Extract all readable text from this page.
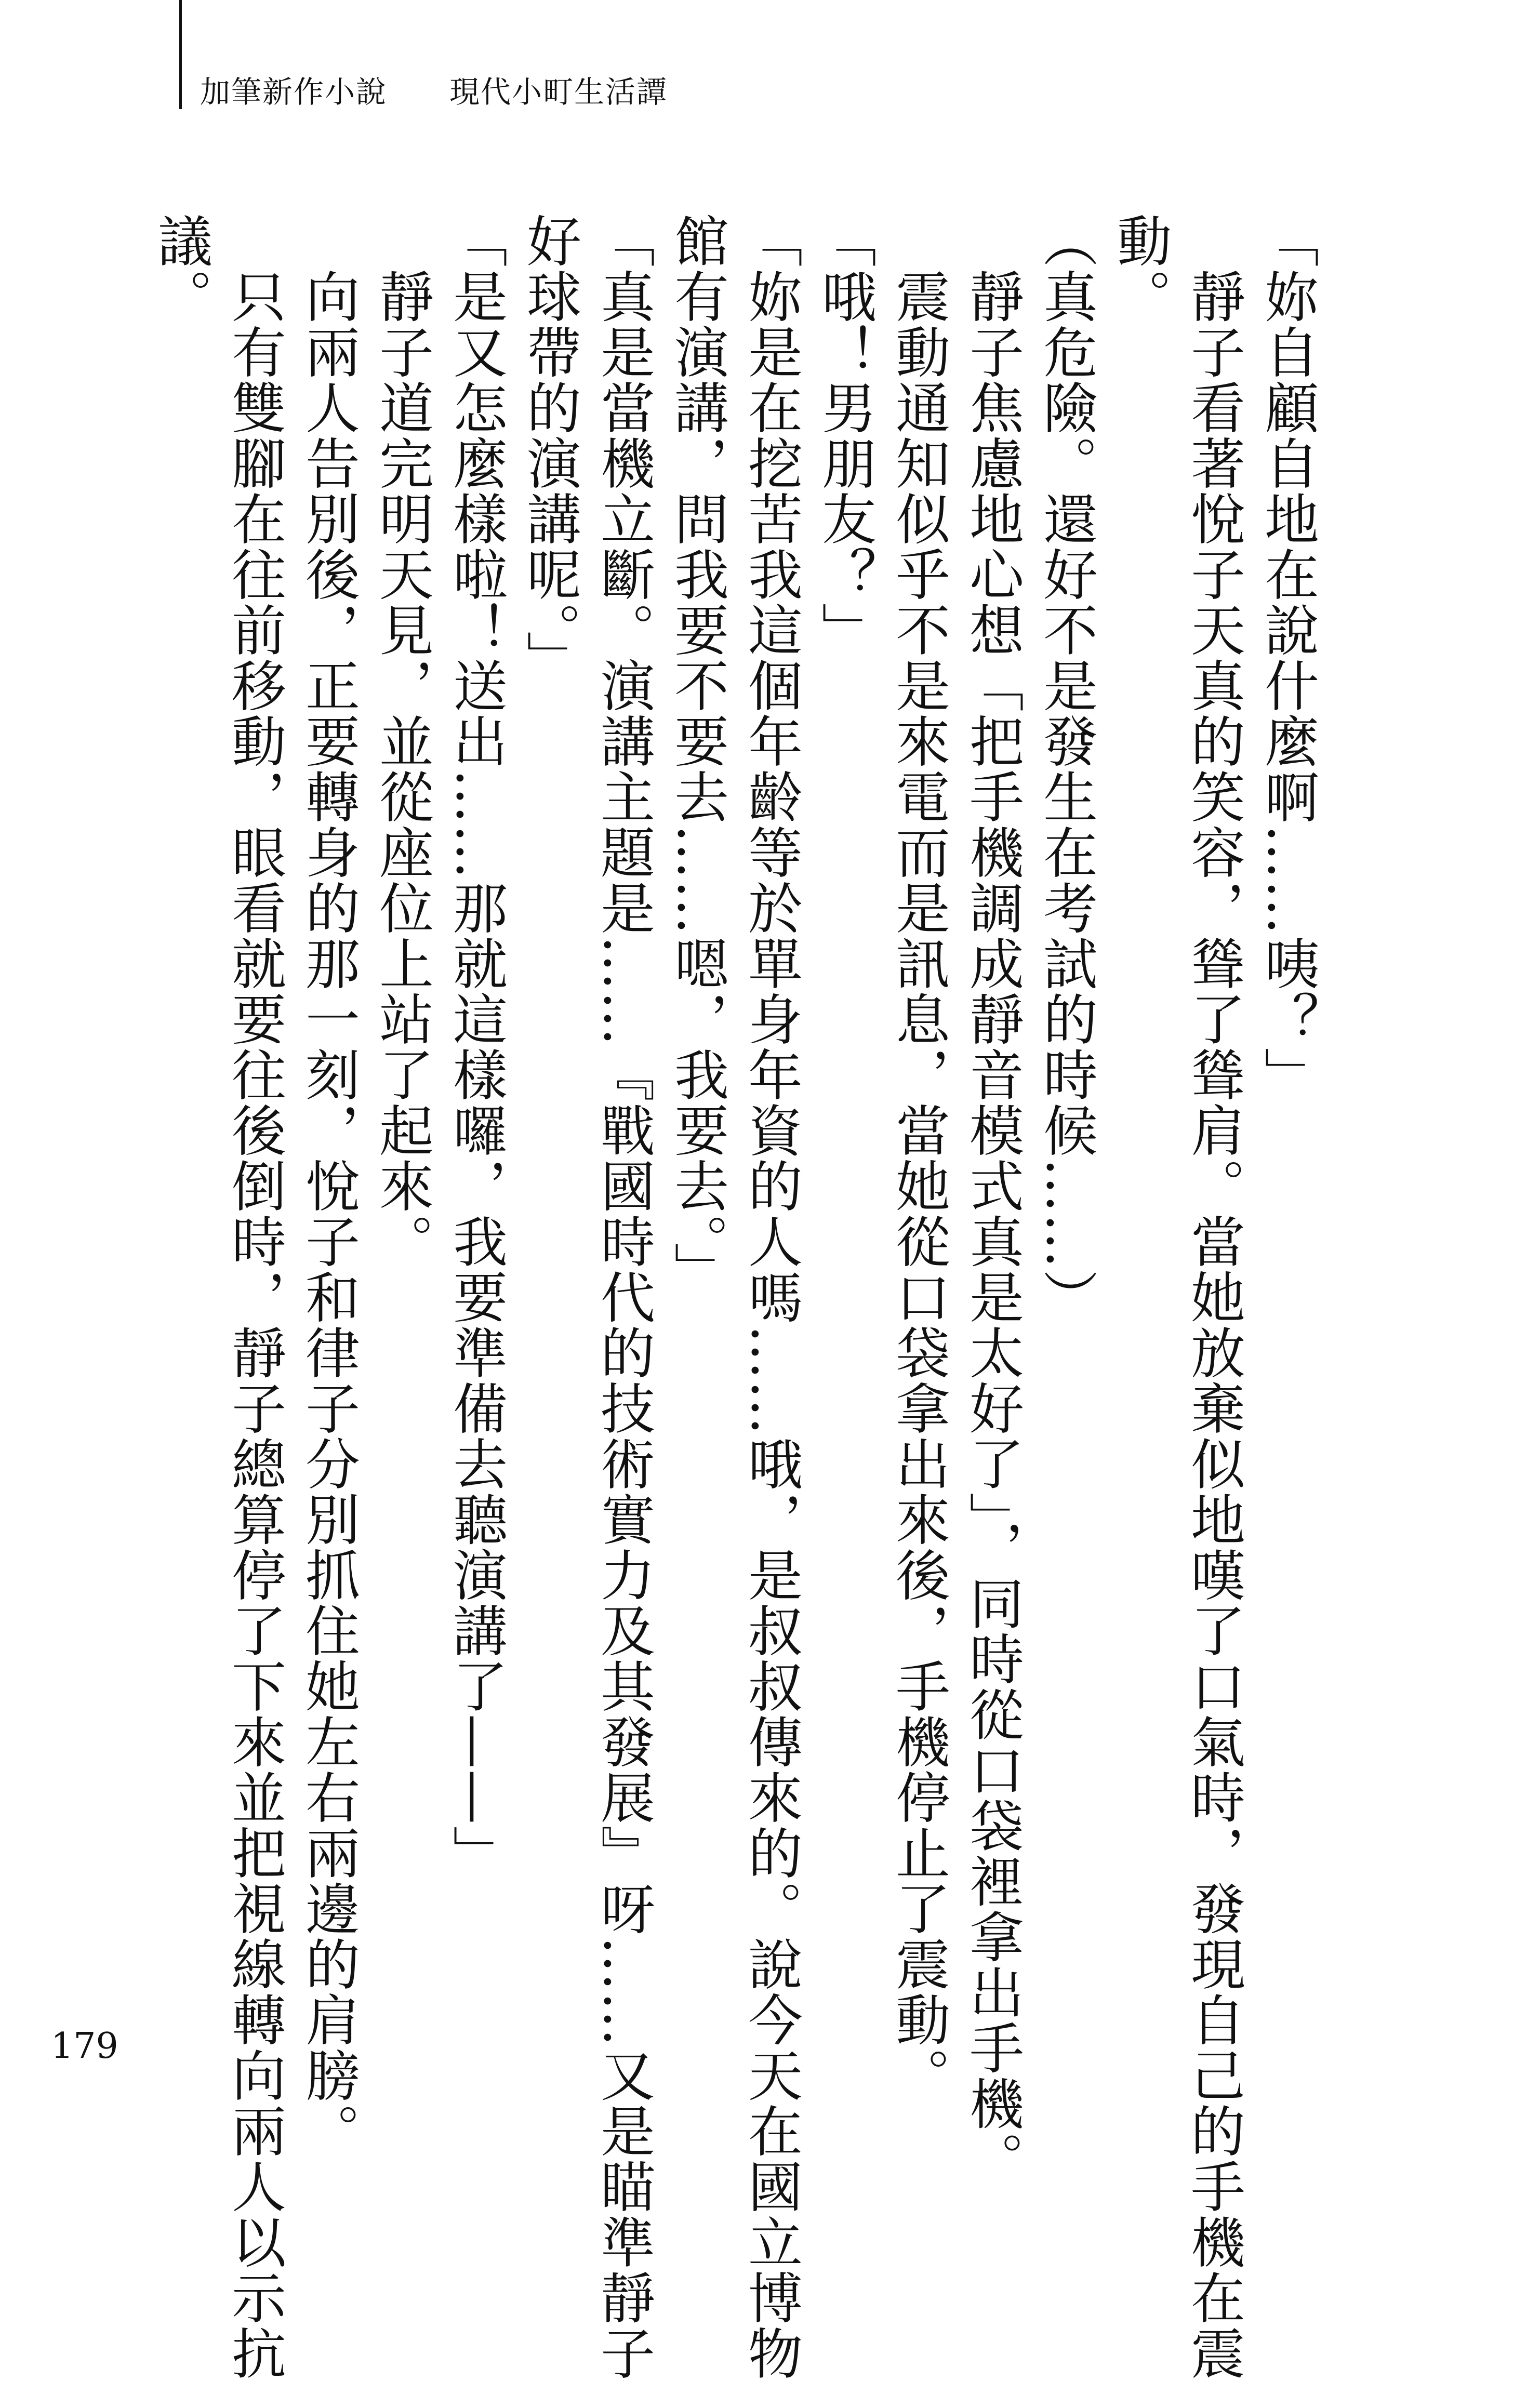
加筆新作小說 現代小町生活譚

「妳自顧自地在說什麼啊……咦？」

　靜子看著悅子天真的笑容，聳了聳肩。當她放棄似地嘆了口氣時，發現自己的手機在震

動。

（真危險。還好不是發生在考試的時候……）

　靜子焦慮地心想「把手機調成靜音模式真是太好了」，同時從口袋裡拿出手機。

　震動通知似乎不是來電而是訊息，當她從口袋拿出來後，手機停止了震動。

「哦！男朋友？」

「妳是在挖苦我這個年齡等於單身年資的人嗎……哦，是叔叔傳來的。說今天在國立博物

館有演講，問我要不要去……嗯，我要去。」

「真是當機立斷。演講主題是……『戰國時代的技術實力及其發展』呀……又是瞄準靜子

好球帶的演講呢。」

「是又怎麼樣啦！送出……那就這樣囉，我要準備去聽演講了——」

　靜子道完明天見，並從座位上站了起來。

　向兩人告別後，正要轉身的那一刻，悅子和律子分別抓住她左右兩邊的肩膀。

　只有雙腳在往前移動，眼看就要往後倒時，靜子總算停了下來並把視線轉向兩人以示抗

議。

179
